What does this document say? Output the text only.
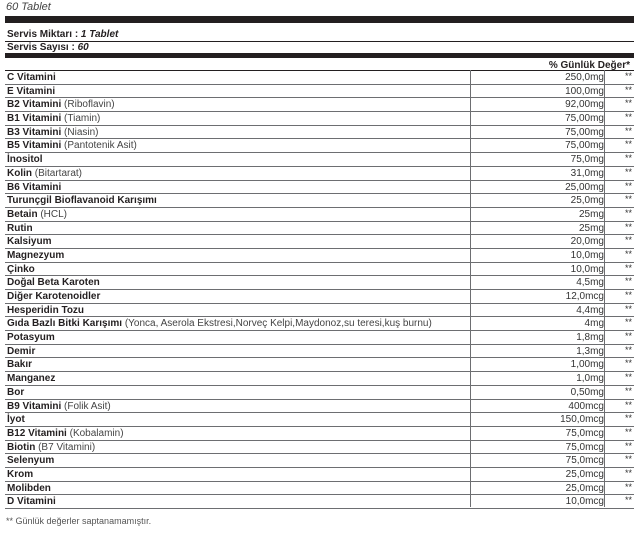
60 Tablet
Servis Miktarı : 1 Tablet
Servis Sayısı : 60
% Günlük Değer*
C Vitamini	250,0mg **
E Vitamini	100,0mg **
B2 Vitamini (Riboflavin)	92,00mg **
B1 Vitamini (Tiamin)	75,00mg **
B3 Vitamini (Niasin)	75,00mg **
B5 Vitamini (Pantotenik Asit)	75,00mg **
İnositol	75,0mg **
Kolin (Bitartarat)	31,0mg **
B6 Vitamini	25,00mg **
Turunçgil Bioflavanoid Karışımı	25,0mg **
Betain (HCL)	25mg **
Rutin	25mg **
Kalsiyum	20,0mg **
Magnezyum	10,0mg **
Çinko	10,0mg **
Doğal Beta Karoten	4,5mg **
Diğer Karotenoidler	12,0mcg **
Hesperidin Tozu	4,4mg **
Gıda Bazlı Bitki Karışımı (Yonca, Aserola Ekstresi,Norveç Kelpi,Maydonoz,su teresi,kuş burnu)	4mg **
Potasyum	1,8mg **
Demir	1,3mg **
Bakır	1,00mg **
Manganez	1,0mg **
Bor	0,50mg **
B9 Vitamini (Folik Asit)	400mcg **
İyot	150,0mcg **
B12 Vitamini (Kobalamin)	75,0mcg **
Biotin (B7 Vitamini)	75,0mcg **
Selenyum	75,0mcg **
Krom	25,0mcg **
Molibden	25,0mcg **
D Vitamini	10,0mcg **
** Günlük değerler saptanamamıştır.
